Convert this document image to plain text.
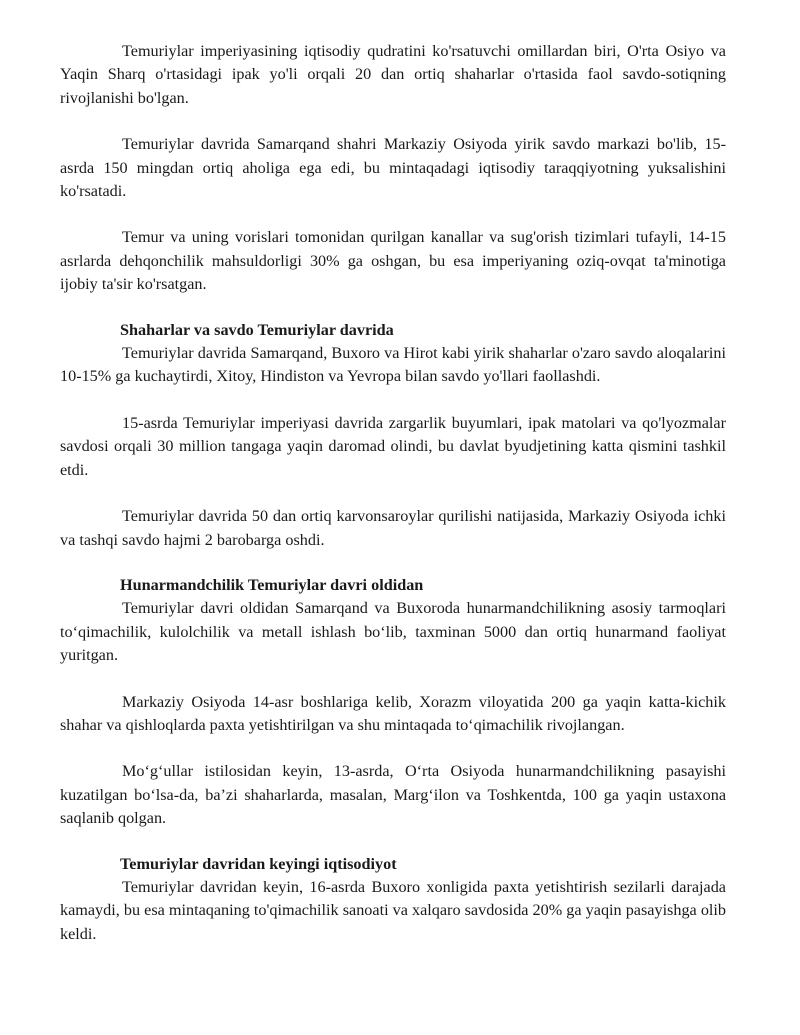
Temuriylar imperiyasining iqtisodiy qudratini ko'rsatuvchi omillardan biri, O'rta Osiyo va Yaqin Sharq o'rtasidagi ipak yo'li orqali 20 dan ortiq shaharlar o'rtasida faol savdo-sotiqning rivojlanishi bo'lgan.

Temuriylar davrida Samarqand shahri Markaziy Osiyoda yirik savdo markazi bo'lib, 15-asrda 150 mingdan ortiq aholiga ega edi, bu mintaqadagi iqtisodiy taraqqiyotning yuksalishini ko'rsatadi.

Temur va uning vorislari tomonidan qurilgan kanallar va sug'orish tizimlari tufayli, 14-15 asrlarda dehqonchilik mahsuldorligi 30% ga oshgan, bu esa imperiyaning oziq-ovqat ta'minotiga ijobiy ta'sir ko'rsatgan.

Shaharlar va savdo Temuriylar davrida

Temuriylar davrida Samarqand, Buxoro va Hirot kabi yirik shaharlar o'zaro savdo aloqalarini 10-15% ga kuchaytirdi, Xitoy, Hindiston va Yevropa bilan savdo yo'llari faollashdi.

15-asrda Temuriylar imperiyasi davrida zargarlik buyumlari, ipak matolari va qo'lyozmalar savdosi orqali 30 million tangaga yaqin daromad olindi, bu davlat byudjetining katta qismini tashkil etdi.

Temuriylar davrida 50 dan ortiq karvonsaroylar qurilishi natijasida, Markaziy Osiyoda ichki va tashqi savdo hajmi 2 barobarga oshdi.

Hunarmandchilik Temuriylar davri oldidan

Temuriylar davri oldidan Samarqand va Buxoroda hunarmandchilikning asosiy tarmoqlari to‘qimachilik, kulolchilik va metall ishlash bo‘lib, taxminan 5000 dan ortiq hunarmand faoliyat yuritgan.

Markaziy Osiyoda 14-asr boshlariga kelib, Xorazm viloyatida 200 ga yaqin katta-kichik shahar va qishloqlarda paxta yetishtirilgan va shu mintaqada to‘qimachilik rivojlangan.

Mo‘g‘ullar istilosidan keyin, 13-asrda, O‘rta Osiyoda hunarmandchilikning pasayishi kuzatilgan bo‘lsa-da, ba’zi shaharlarda, masalan, Marg‘ilon va Toshkentda, 100 ga yaqin ustaxona saqlanib qolgan.

Temuriylar davridan keyingi iqtisodiyot

Temuriylar davridan keyin, 16-asrda Buxoro xonligida paxta yetishtirish sezilarli darajada kamaydi, bu esa mintaqaning to'qimachilik sanoati va xalqaro savdosida 20% ga yaqin pasayishga olib keldi.
